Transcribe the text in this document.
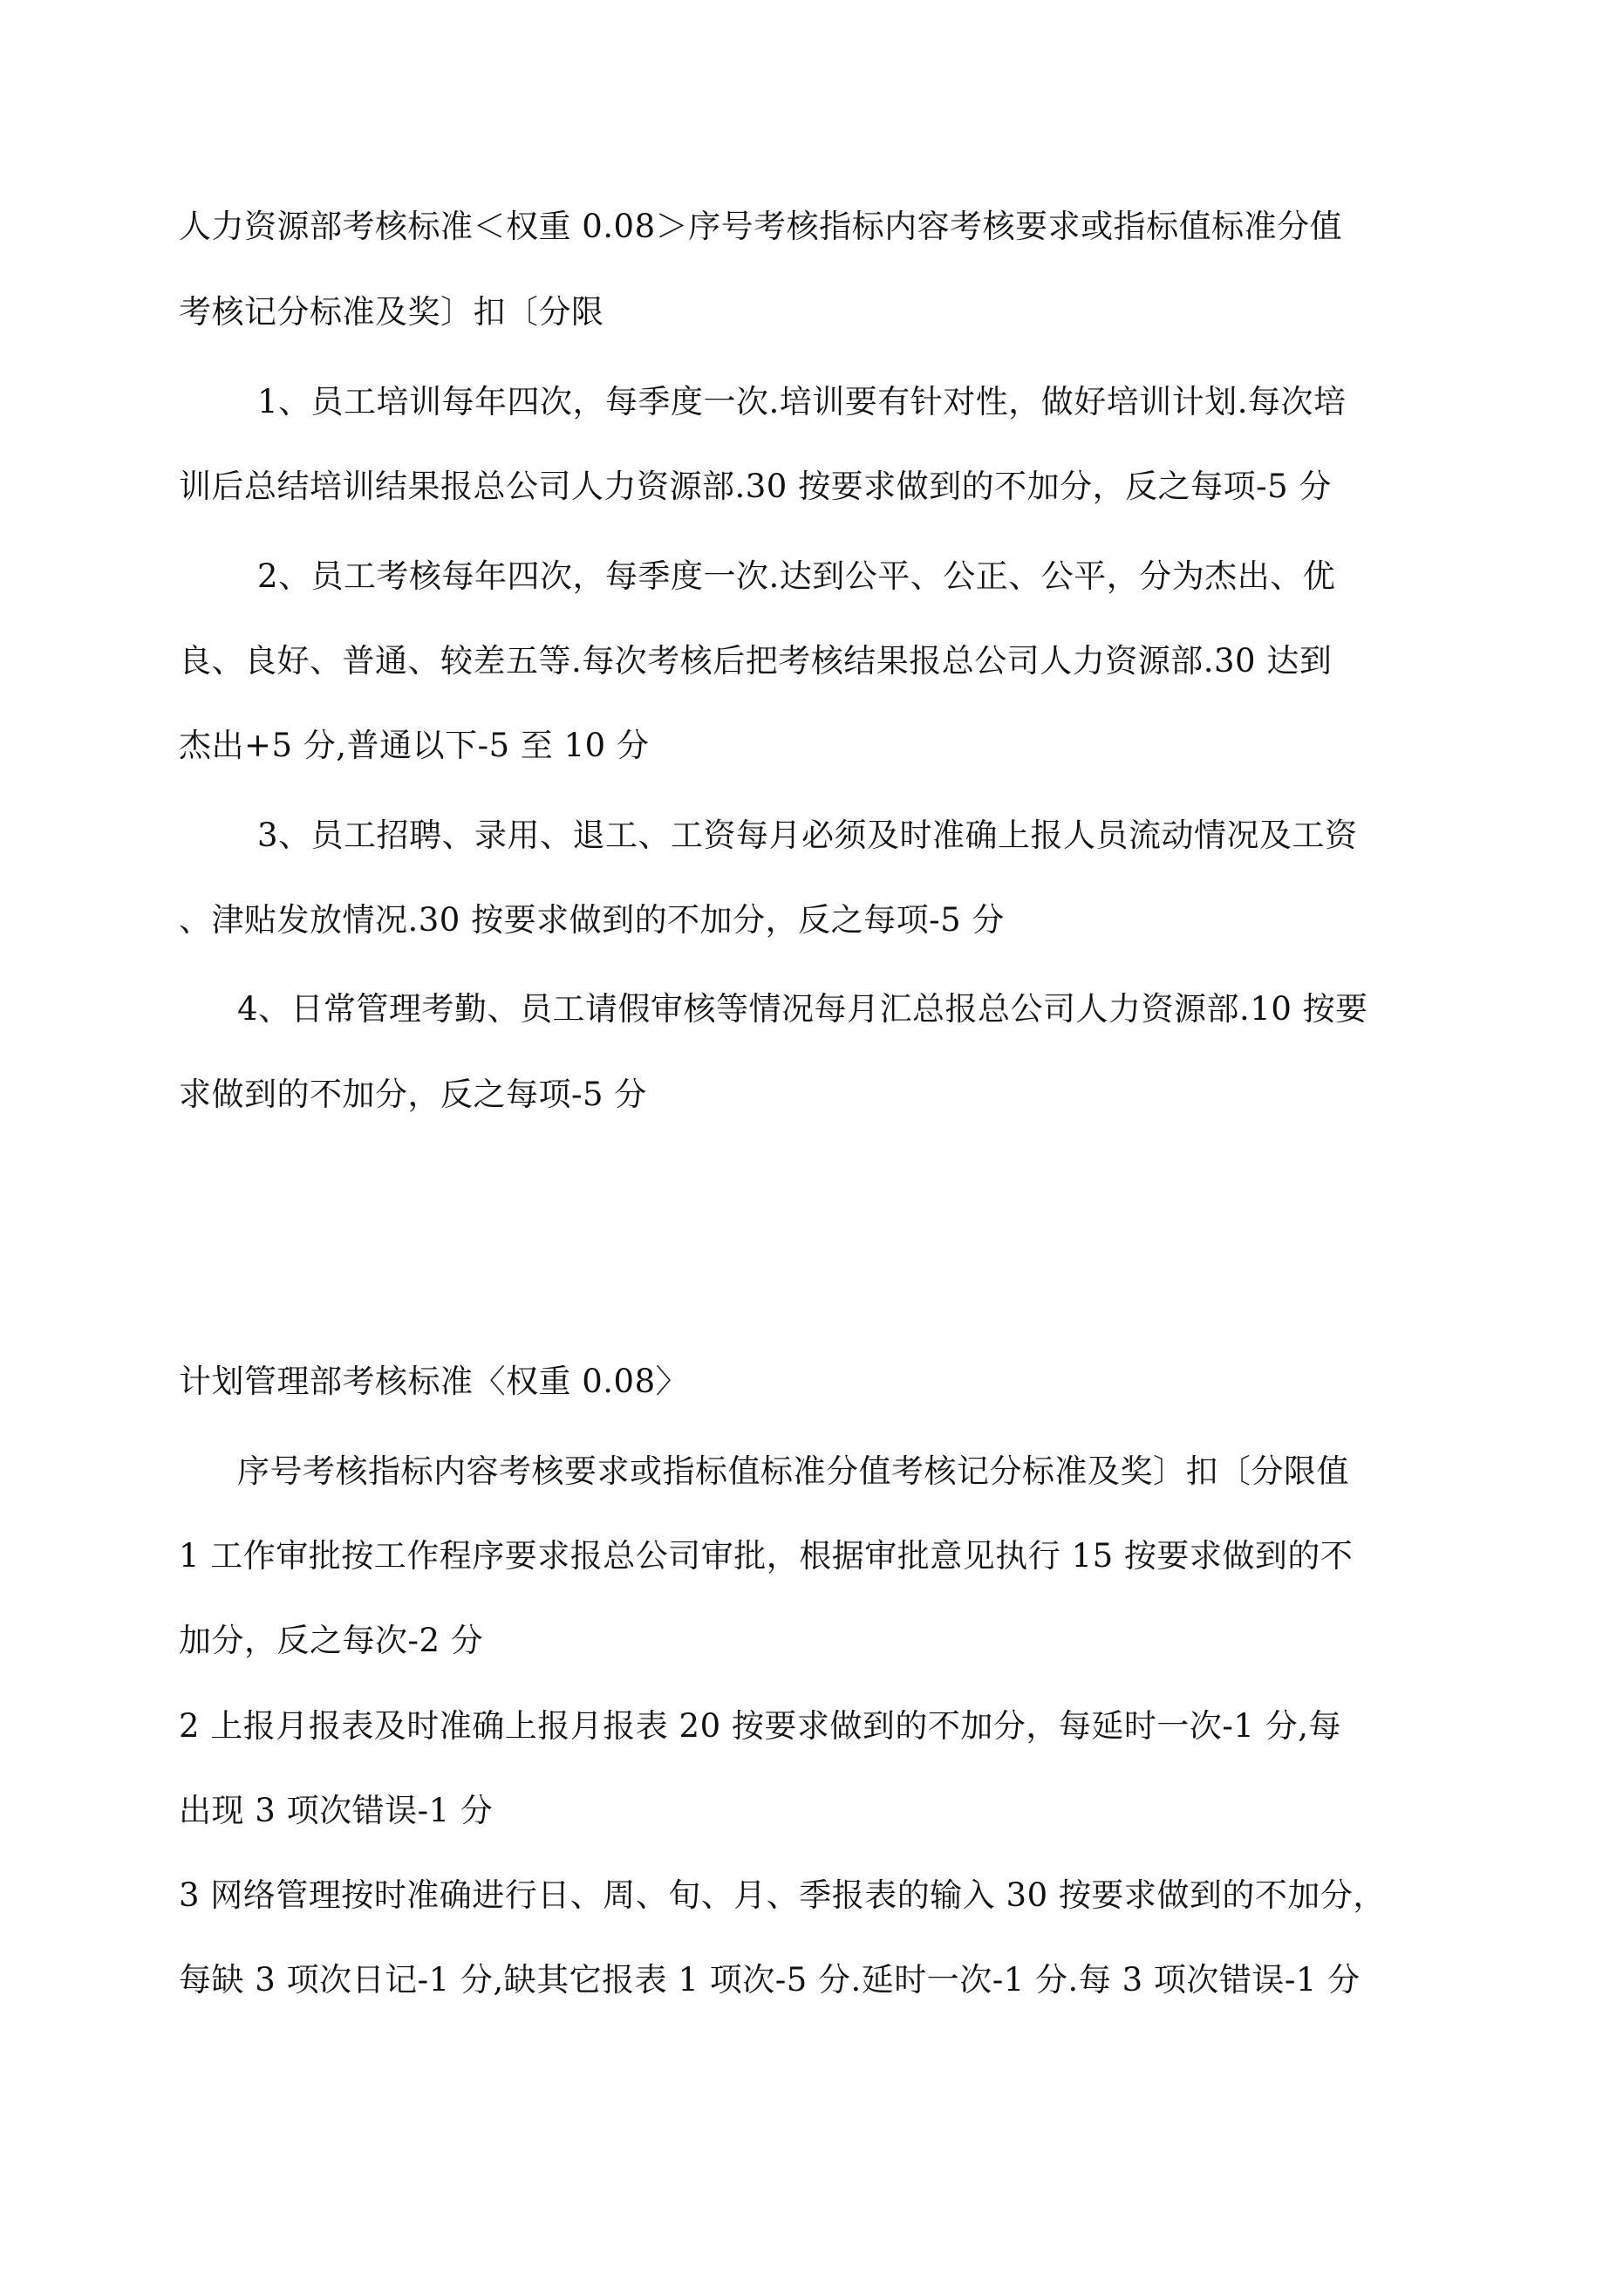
人力资源部考核标准＜权重 0.08＞序号考核指标内容考核要求或指标值标准分值
考核记分标准及奖〕扣〔分限
1、员工培训每年四次，每季度一次.培训要有针对性，做好培训计划.每次培
训后总结培训结果报总公司人力资源部.30 按要求做到的不加分，反之每项-5 分
2、员工考核每年四次，每季度一次.达到公平、公正、公平，分为杰出、优
良、良好、普通、较差五等.每次考核后把考核结果报总公司人力资源部.30 达到
杰出+5 分,普通以下-5 至 10 分
3、员工招聘、录用、退工、工资每月必须及时准确上报人员流动情况及工资
、津贴发放情况.30 按要求做到的不加分，反之每项-5 分
4、日常管理考勤、员工请假审核等情况每月汇总报总公司人力资源部.10 按要
求做到的不加分，反之每项-5 分
计划管理部考核标准〈权重 0.08〉
序号考核指标内容考核要求或指标值标准分值考核记分标准及奖〕扣〔分限值
1 工作审批按工作程序要求报总公司审批，根据审批意见执行 15 按要求做到的不
加分，反之每次-2 分
2 上报月报表及时准确上报月报表 20 按要求做到的不加分，每延时一次-1 分,每
出现 3 项次错误-1 分
3 网络管理按时准确进行日、周、旬、月、季报表的输入 30 按要求做到的不加分，
每缺 3 项次日记-1 分,缺其它报表 1 项次-5 分.延时一次-1 分.每 3 项次错误-1 分
